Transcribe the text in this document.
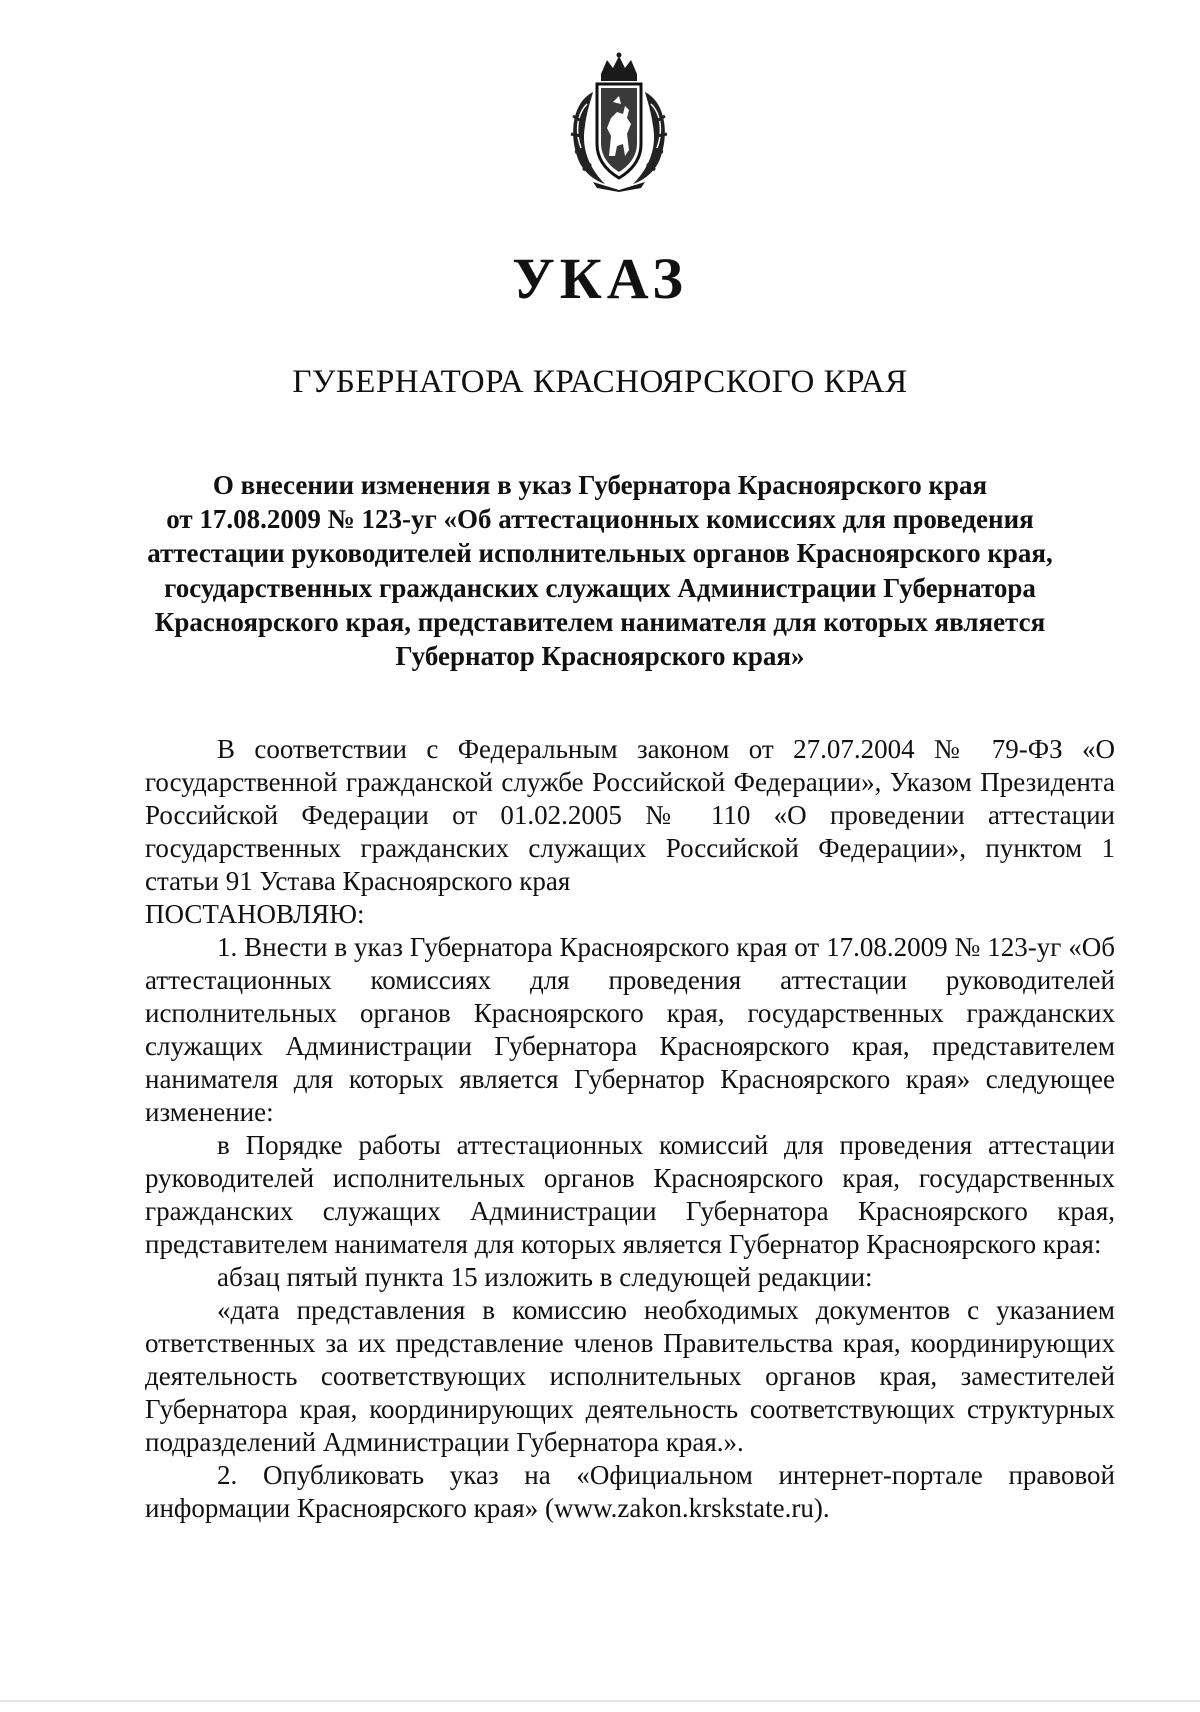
УКАЗ
ГУБЕРНАТОРА КРАСНОЯРСКОГО КРАЯ
О внесении изменения в указ Губернатора Красноярского края
от 17.08.2009 № 123-уг «Об аттестационных комиссиях для проведения
аттестации руководителей исполнительных органов Красноярского края,
государственных гражданских служащих Администрации Губернатора
Красноярского края, представителем нанимателя для которых является
Губернатор Красноярского края»

В соответствии с Федеральным законом от 27.07.2004 № 79-ФЗ «О государственной гражданской службе Российской Федерации», Указом Президента Российской Федерации от 01.02.2005 № 110 «О проведении аттестации государственных гражданских служащих Российской Федерации», пунктом 1 статьи 91 Устава Красноярского края

ПОСТАНОВЛЯЮ:

1. Внести в указ Губернатора Красноярского края от 17.08.2009 № 123-уг «Об аттестационных комиссиях для проведения аттестации руководителей исполнительных органов Красноярского края, государственных гражданских служащих Администрации Губернатора Красноярского края, представителем нанимателя для которых является Губернатор Красноярского края» следующее изменение:

в Порядке работы аттестационных комиссий для проведения аттестации руководителей исполнительных органов Красноярского края, государственных гражданских служащих Администрации Губернатора Красноярского края, представителем нанимателя для которых является Губернатор Красноярского края:

абзац пятый пункта 15 изложить в следующей редакции:

«дата представления в комиссию необходимых документов с указанием ответственных за их представление членов Правительства края, координирующих деятельность соответствующих исполнительных органов края, заместителей Губернатора края, координирующих деятельность соответствующих структурных подразделений Администрации Губернатора края.».

2. Опубликовать указ на «Официальном интернет-портале правовой информации Красноярского края» (www.zakon.krskstate.ru).
